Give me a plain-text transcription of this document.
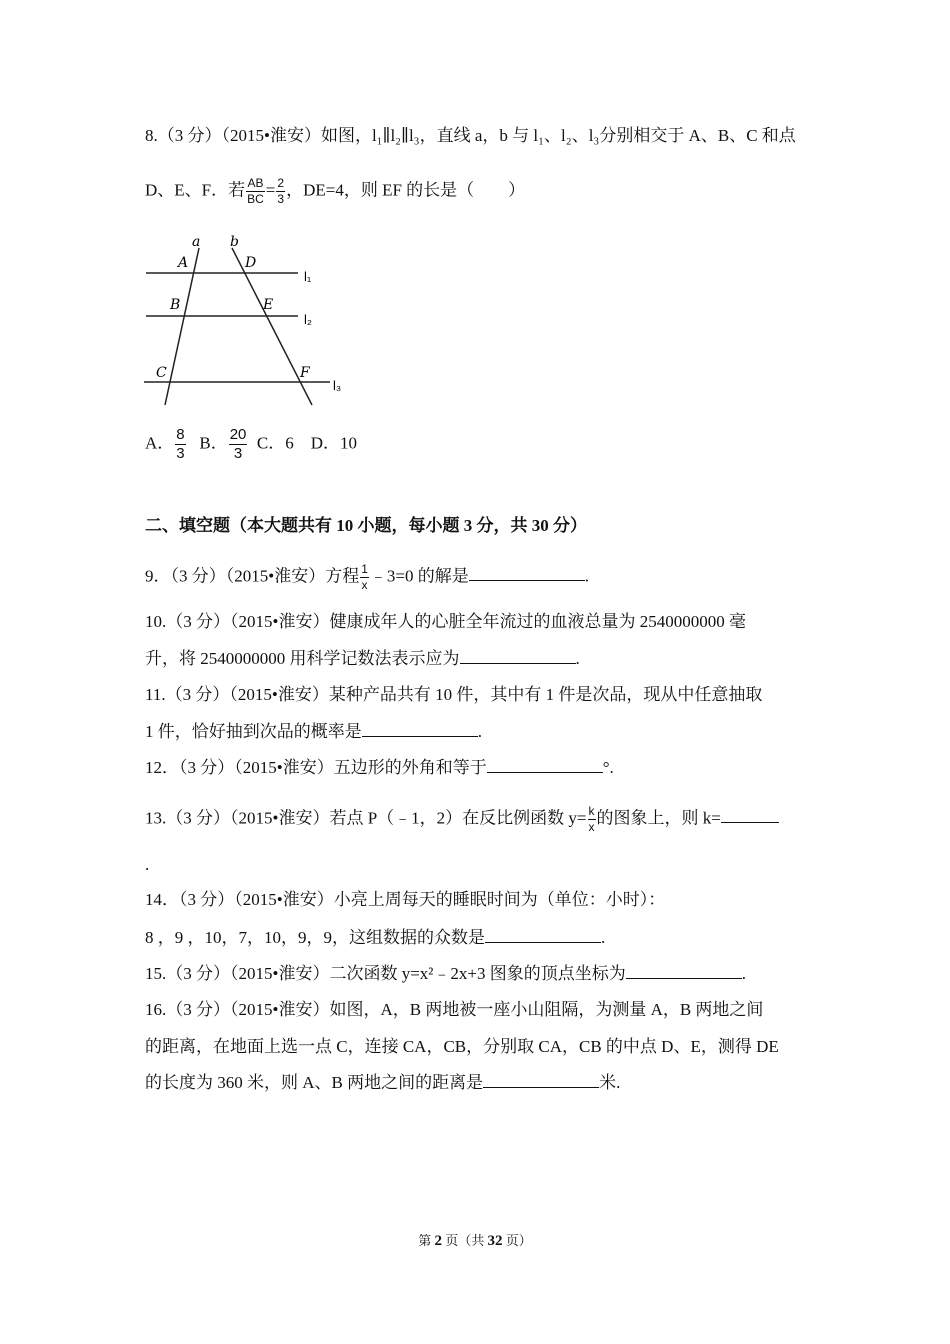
8.（3 分）（2015•淮安）如图，l₁∥l₂∥l₃，直线 a，b 与 l₁、l₂、l₃分别相交于 A、B、C 和点
D、E、F．若 $\frac{AB}{BC} = \frac{2}{3}$ ，DE=4，则 EF 的长是（　　）
a b
A	D
B	E
C	F
l₁
l₂
l₃
A． $\frac{8}{3}$ B． $\frac{20}{3}$ C．6 D．10
二、填空题（本大题共有 10 小题，每小题 3 分，共 30 分）
9．（3 分）（2015•淮安）方程 $\frac{1}{x}$ ﹣3=0 的解是	.
10.（3 分）（2015•淮安）健康成年人的心脏全年流过的血液总量为 2540000000 毫
升，将 2540000000 用科学记数法表示应为	.
11.（3 分）（2015•淮安）某种产品共有 10 件，其中有 1 件是次品，现从中任意抽取
1 件，恰好抽到次品的概率是	.
12．（3 分）（2015•淮安）五边形的外角和等于	°.
13.（3 分）（2015•淮安）若点 P（﹣1，2）在反比例函数 $y= \frac{k}{x}$ 的图象上，则 k=
.
14．（3 分）（2015•淮安）小亮上周每天的睡眠时间为（单位：小时）：
8 ，9 ，10，7，10，9，9，这组数据的众数是	.
15.（3 分）（2015•淮安）二次函数 y=x²﹣2x+3 图象的顶点坐标为	.
16.（3 分）（2015•淮安）如图，A，B 两地被一座小山阻隔，为测量 A，B 两地之间
的距离，在地面上选一点 C，连接 CA，CB，分别取 CA，CB 的中点 D、E，测得 DE
的长度为 360 米，则 A、B 两地之间的距离是	米.
第 2 页（共 32 页）
